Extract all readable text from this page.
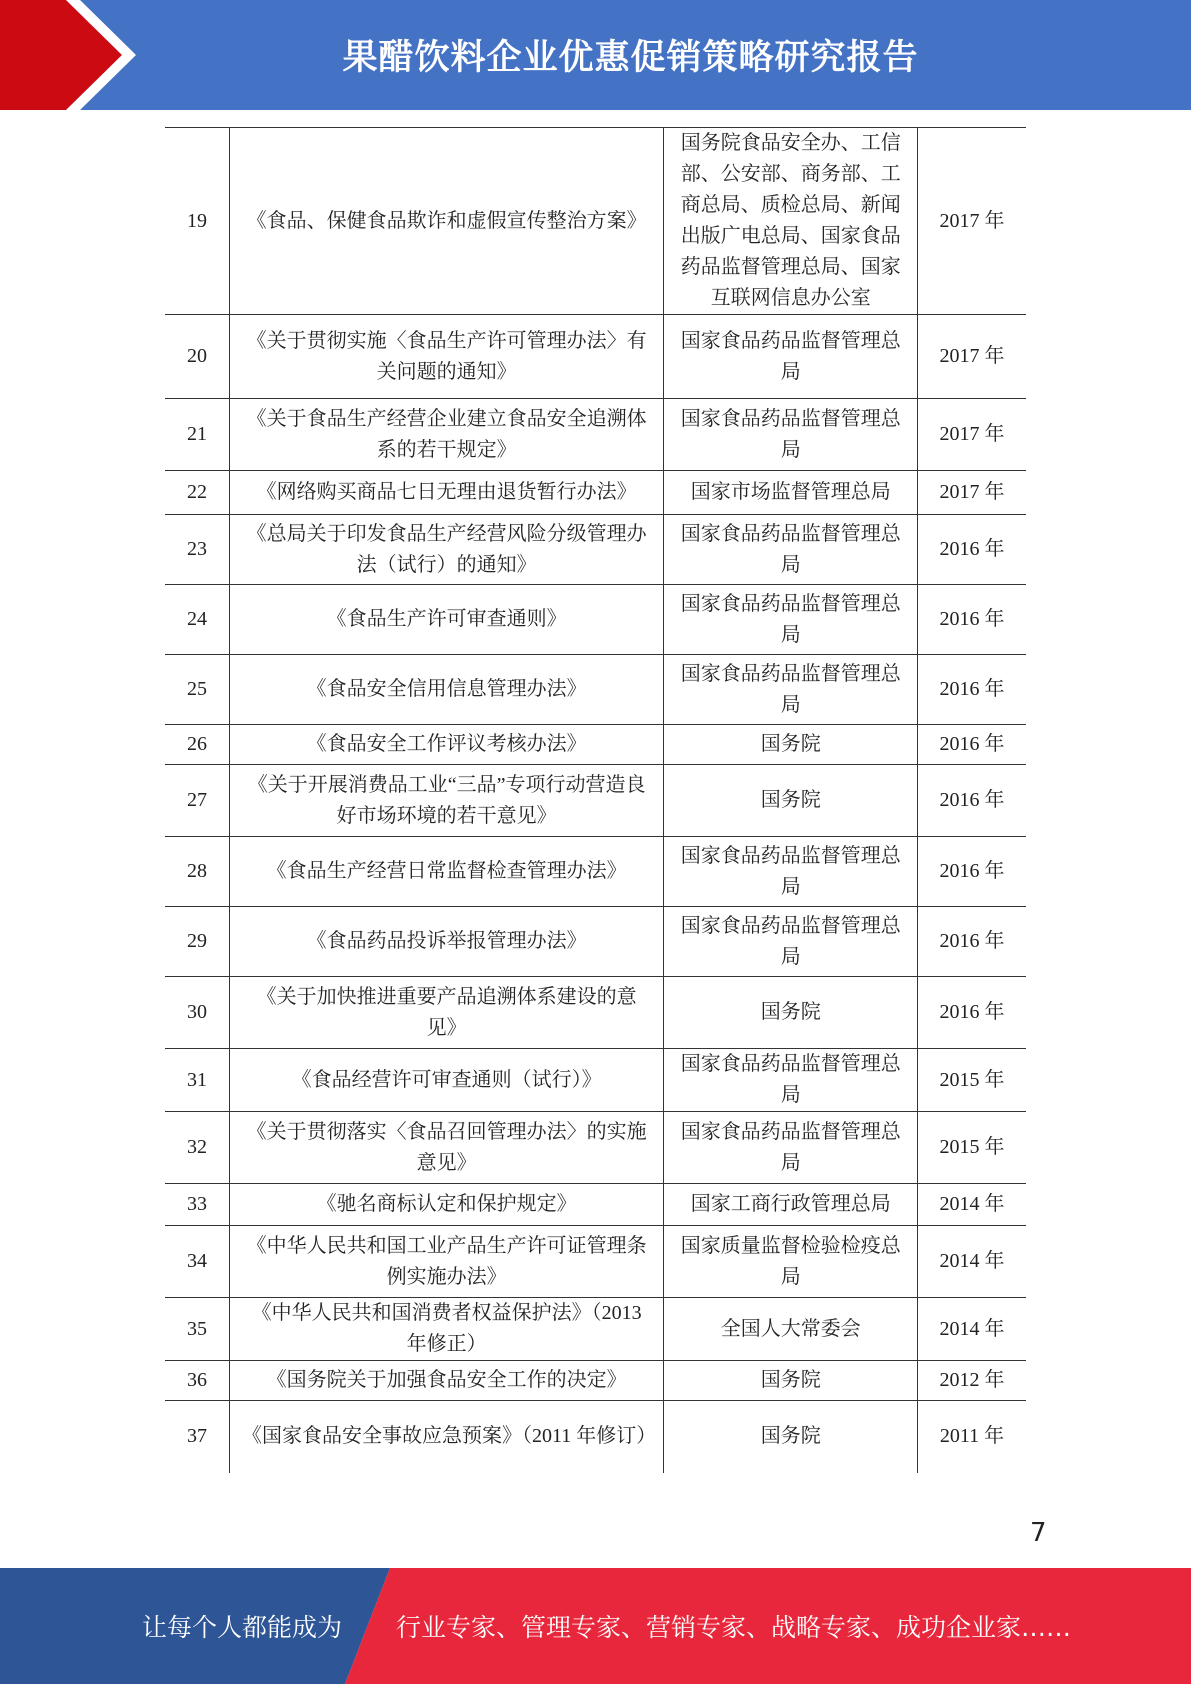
果醋饮料企业优惠促销策略研究报告
19	《食品、保健食品欺诈和虚假宣传整治方案》	国务院食品安全办、工信部、公安部、商务部、工商总局、质检总局、新闻出版广电总局、国家食品药品监督管理总局、国家互联网信息办公室	2017 年
20	《关于贯彻实施〈食品生产许可管理办法〉有关问题的通知》	国家食品药品监督管理总局	2017 年
21	《关于食品生产经营企业建立食品安全追溯体系的若干规定》	国家食品药品监督管理总局	2017 年
22	《网络购买商品七日无理由退货暂行办法》	国家市场监督管理总局	2017 年
23	《总局关于印发食品生产经营风险分级管理办法（试行）的通知》	国家食品药品监督管理总局	2016 年
24	《食品生产许可审查通则》	国家食品药品监督管理总局	2016 年
25	《食品安全信用信息管理办法》	国家食品药品监督管理总局	2016 年
26	《食品安全工作评议考核办法》	国务院	2016 年
27	《关于开展消费品工业“三品”专项行动营造良好市场环境的若干意见》	国务院	2016 年
28	《食品生产经营日常监督检查管理办法》	国家食品药品监督管理总局	2016 年
29	《食品药品投诉举报管理办法》	国家食品药品监督管理总局	2016 年
30	《关于加快推进重要产品追溯体系建设的意见》	国务院	2016 年
31	《食品经营许可审查通则（试行）》	国家食品药品监督管理总局	2015 年
32	《关于贯彻落实〈食品召回管理办法〉的实施意见》	国家食品药品监督管理总局	2015 年
33	《驰名商标认定和保护规定》	国家工商行政管理总局	2014 年
34	《中华人民共和国工业产品生产许可证管理条例实施办法》	国家质量监督检验检疫总局	2014 年
35	《中华人民共和国消费者权益保护法》（2013 年修正）	全国人大常委会	2014 年
36	《国务院关于加强食品安全工作的决定》	国务院	2012 年
37	《国家食品安全事故应急预案》（2011 年修订）	国务院	2011 年
7
让每个人都能成为 行业专家、管理专家、营销专家、战略专家、成功企业家……
